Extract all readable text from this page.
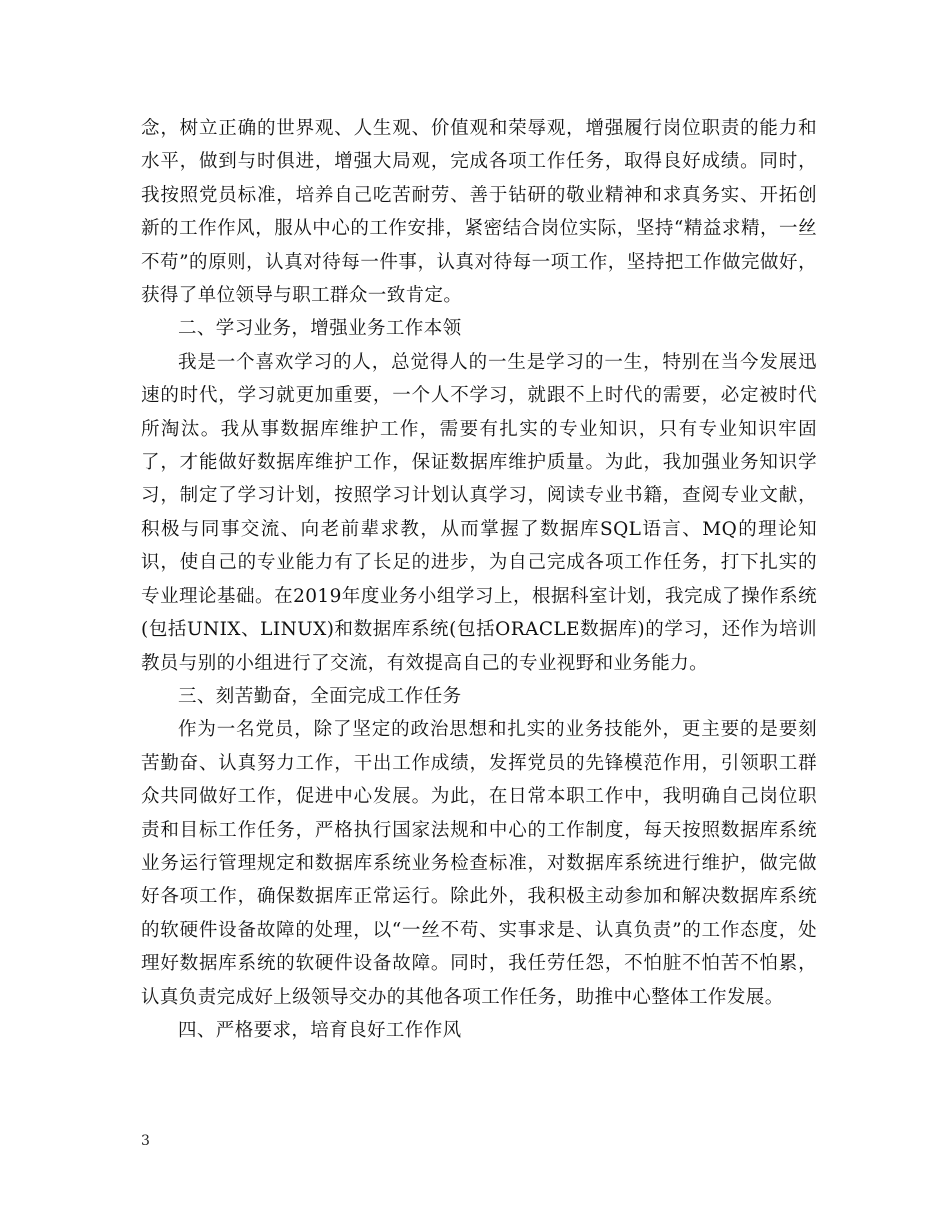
念，树立正确的世界观、人生观、价值观和荣辱观，增强履行岗位职责的能力和水平，做到与时俱进，增强大局观，完成各项工作任务，取得良好成绩。同时，我按照党员标准，培养自己吃苦耐劳、善于钻研的敬业精神和求真务实、开拓创新的工作作风，服从中心的工作安排，紧密结合岗位实际，坚持“精益求精，一丝不苟”的原则，认真对待每一件事，认真对待每一项工作，坚持把工作做完做好，获得了单位领导与职工群众一致肯定。

二、学习业务，增强业务工作本领

我是一个喜欢学习的人，总觉得人的一生是学习的一生，特别在当今发展迅速的时代，学习就更加重要，一个人不学习，就跟不上时代的需要，必定被时代所淘汰。我从事数据库维护工作，需要有扎实的专业知识，只有专业知识牢固了，才能做好数据库维护工作，保证数据库维护质量。为此，我加强业务知识学习，制定了学习计划，按照学习计划认真学习，阅读专业书籍，查阅专业文献，积极与同事交流、向老前辈求教，从而掌握了数据库SQL语言、MQ的理论知识，使自己的专业能力有了长足的进步，为自己完成各项工作任务，打下扎实的专业理论基础。在2019年度业务小组学习上，根据科室计划，我完成了操作系统(包括UNIX、LINUX)和数据库系统(包括ORACLE数据库)的学习，还作为培训教员与别的小组进行了交流，有效提高自己的专业视野和业务能力。

三、刻苦勤奋，全面完成工作任务

作为一名党员，除了坚定的政治思想和扎实的业务技能外，更主要的是要刻苦勤奋、认真努力工作，干出工作成绩，发挥党员的先锋模范作用，引领职工群众共同做好工作，促进中心发展。为此，在日常本职工作中，我明确自己岗位职责和目标工作任务，严格执行国家法规和中心的工作制度，每天按照数据库系统业务运行管理规定和数据库系统业务检查标准，对数据库系统进行维护，做完做好各项工作，确保数据库正常运行。除此外，我积极主动参加和解决数据库系统的软硬件设备故障的处理，以“一丝不苟、实事求是、认真负责”的工作态度，处理好数据库系统的软硬件设备故障。同时，我任劳任怨，不怕脏不怕苦不怕累，认真负责完成好上级领导交办的其他各项工作任务，助推中心整体工作发展。

四、严格要求，培育良好工作作风

3
